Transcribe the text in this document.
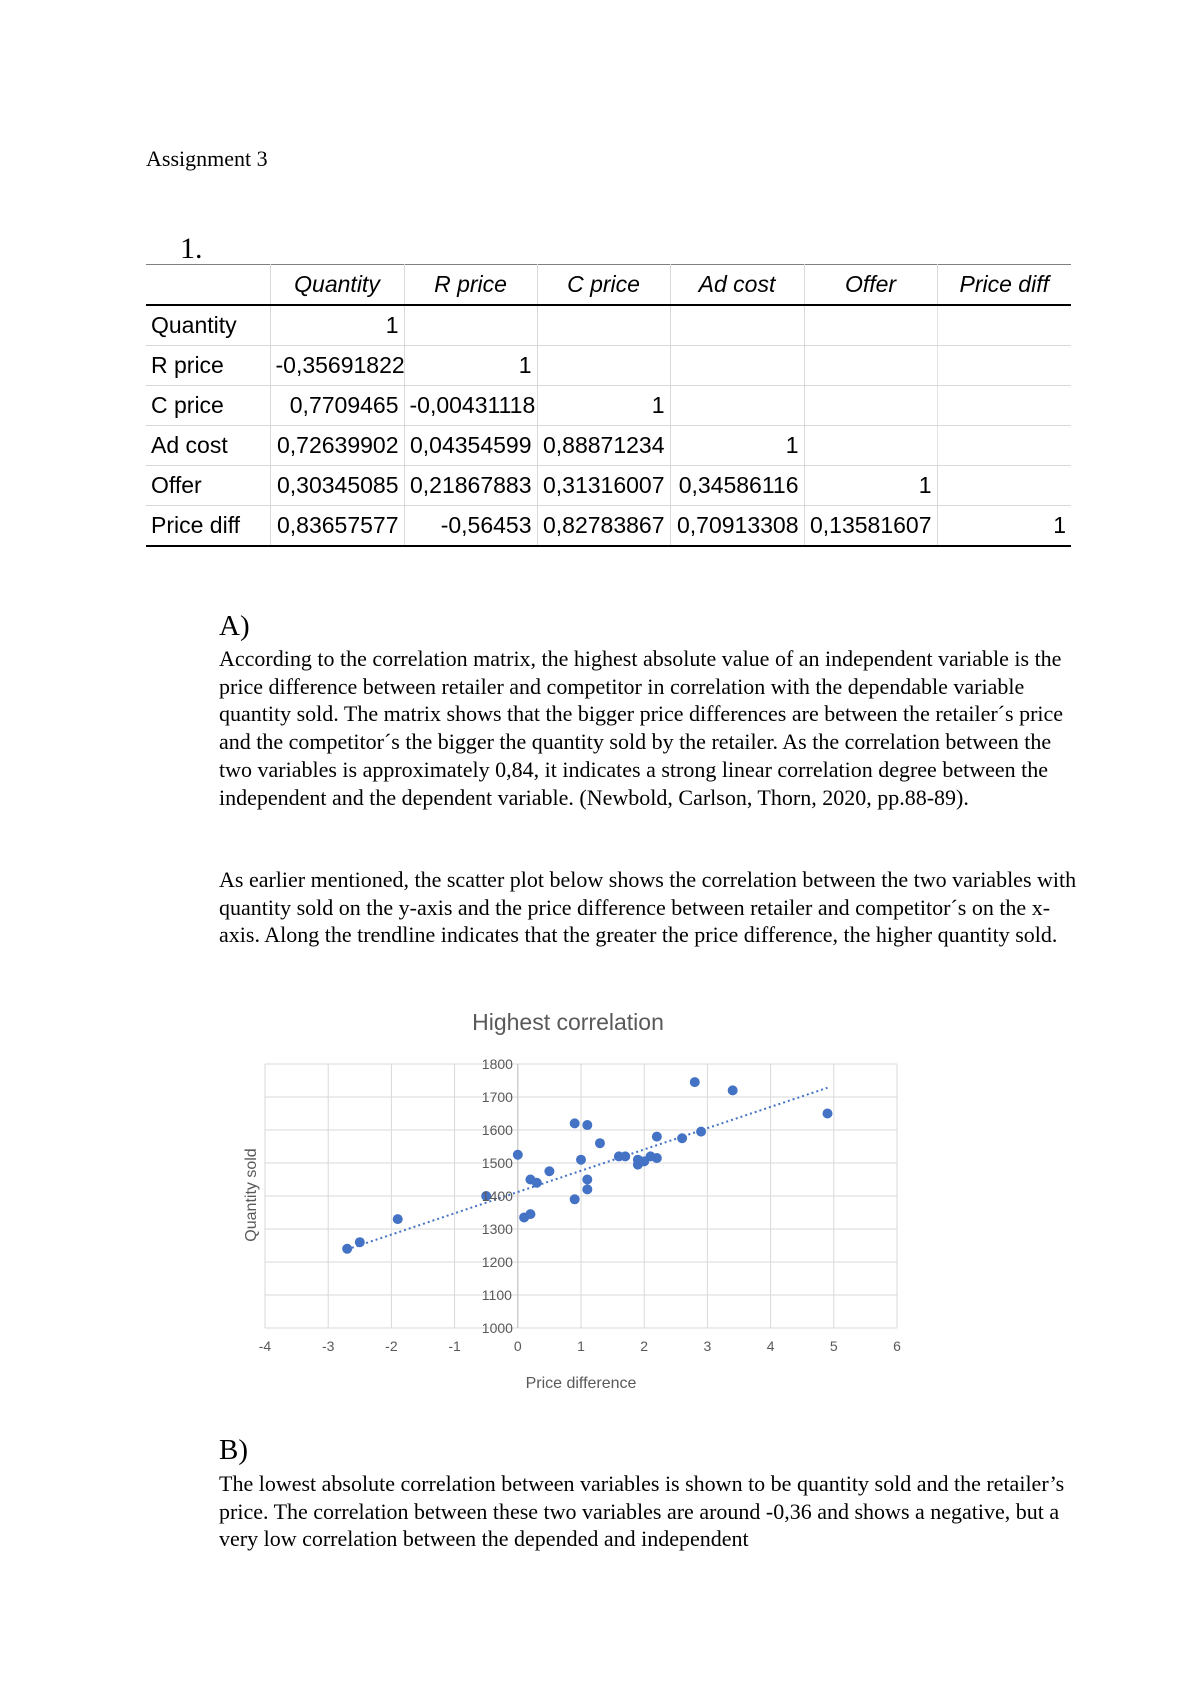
Assignment 3
1.
	Quantity	R price	C price	Ad cost	Offer	Price diff
Quantity	1					
R price	-0,35691822	1				
C price	0,7709465	-0,00431118	1			
Ad cost	0,72639902	0,04354599	0,88871234	1		
Offer	0,30345085	0,21867883	0,31316007	0,34586116	1	
Price diff	0,83657577	-0,56453	0,82783867	0,70913308	0,13581607	1
A)

According to the correlation matrix, the highest absolute value of an independent variable is the price difference between retailer and competitor in correlation with the dependable variable quantity sold. The matrix shows that the bigger price differences are between the retailer´s price and the competitor´s the bigger the quantity sold by the retailer. As the correlation between the two variables is approximately 0,84, it indicates a strong linear correlation degree between the independent and the dependent variable. (Newbold, Carlson, Thorn, 2020, pp.88-89).

As earlier mentioned, the scatter plot below shows the correlation between the two variables with quantity sold on the y-axis and the price difference between retailer and competitor´s on the x- axis. Along the trendline indicates that the greater the price difference, the higher quantity sold.

Highest correlation
1000
1100
1200
1300
1400
1500
1600
1700
1800
-4	-3	-2	-1	0	1	2	3	4	5	6
Price difference
Quantity sold
B)

The lowest absolute correlation between variables is shown to be quantity sold and the retailer’s price. The correlation between these two variables are around -0,36 and shows a negative, but a very low correlation between the depended and independent
